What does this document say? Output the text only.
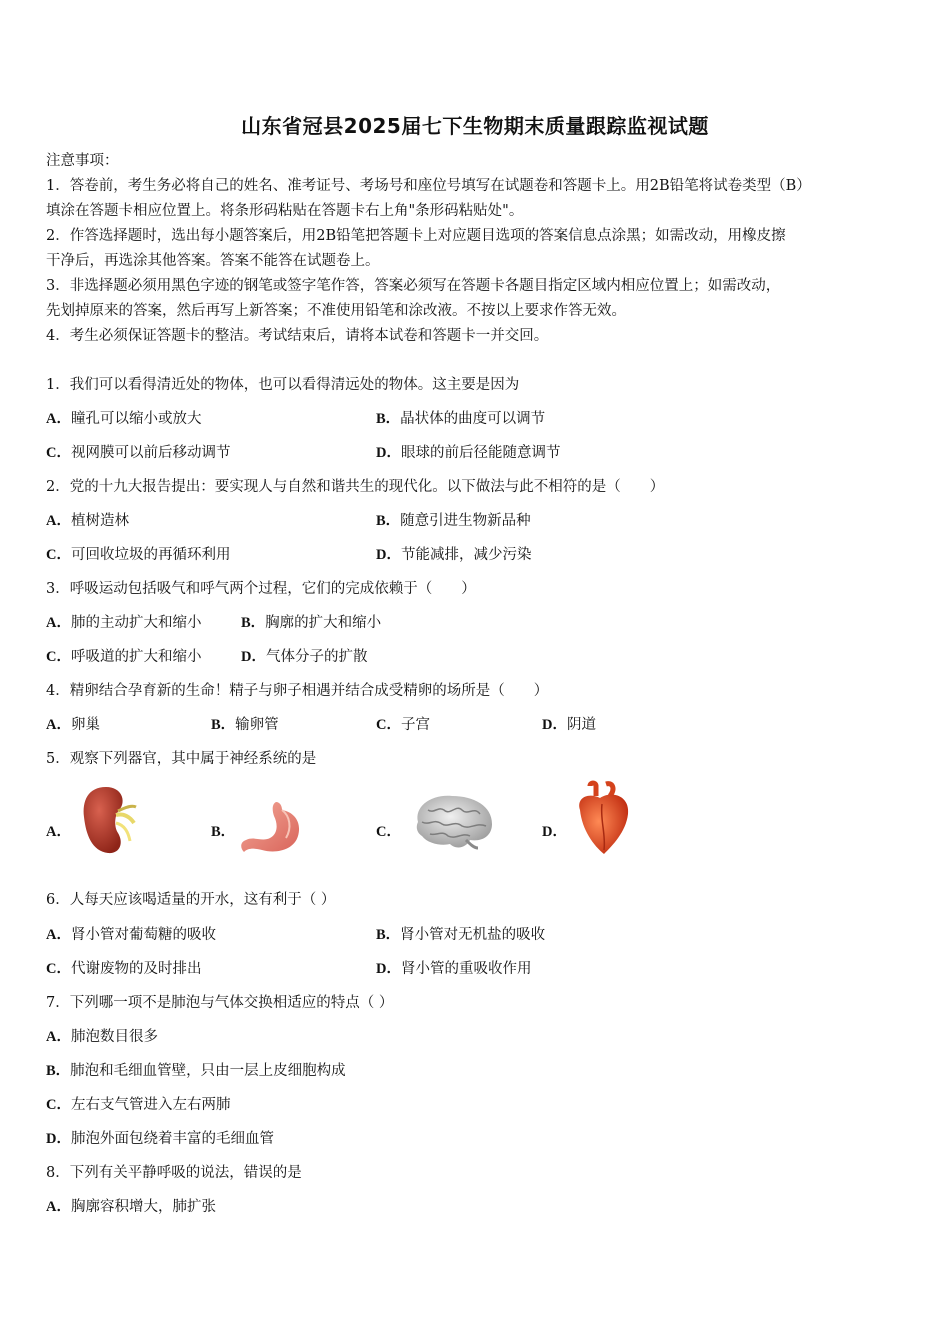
山东省冠县2025届七下生物期末质量跟踪监视试题
注意事项：
1．答卷前，考生务必将自己的姓名、准考证号、考场号和座位号填写在试题卷和答题卡上。用2B铅笔将试卷类型（B）
填涂在答题卡相应位置上。将条形码粘贴在答题卡右上角"条形码粘贴处"。
2．作答选择题时，选出每小题答案后，用2B铅笔把答题卡上对应题目选项的答案信息点涂黑；如需改动，用橡皮擦
干净后，再选涂其他答案。答案不能答在试题卷上。
3．非选择题必须用黑色字迹的钢笔或签字笔作答，答案必须写在答题卡各题目指定区域内相应位置上；如需改动，
先划掉原来的答案，然后再写上新答案；不准使用铅笔和涂改液。不按以上要求作答无效。
4．考生必须保证答题卡的整洁。考试结束后，请将本试卷和答题卡一并交回。
1．我们可以看得清近处的物体，也可以看得清远处的物体。这主要是因为
A．瞳孔可以缩小或放大	B．晶状体的曲度可以调节
C．视网膜可以前后移动调节	D．眼球的前后径能随意调节
2．党的十九大报告提出：要实现人与自然和谐共生的现代化。以下做法与此不相符的是（　　）
A．植树造林	B．随意引进生物新品种
C．可回收垃圾的再循环利用	D．节能减排，减少污染
3．呼吸运动包括吸气和呼气两个过程，它们的完成依赖于（　　）
A．肺的主动扩大和缩小	B．胸廓的扩大和缩小
C．呼吸道的扩大和缩小	D．气体分子的扩散
4．精卵结合孕育新的生命！精子与卵子相遇并结合成受精卵的场所是（　　）
A．卵巢	B．输卵管	C．子宫	D．阴道
5．观察下列器官，其中属于神经系统的是
A．	B．	C．	D．
6．人每天应该喝适量的开水，这有利于（ ）
A．肾小管对葡萄糖的吸收	B．肾小管对无机盐的吸收
C．代谢废物的及时排出	D．肾小管的重吸收作用
7．下列哪一项不是肺泡与气体交换相适应的特点（ ）
A．肺泡数目很多
B．肺泡和毛细血管壁，只由一层上皮细胞构成
C．左右支气管进入左右两肺
D．肺泡外面包绕着丰富的毛细血管
8．下列有关平静呼吸的说法，错误的是
A．胸廓容积增大，肺扩张
